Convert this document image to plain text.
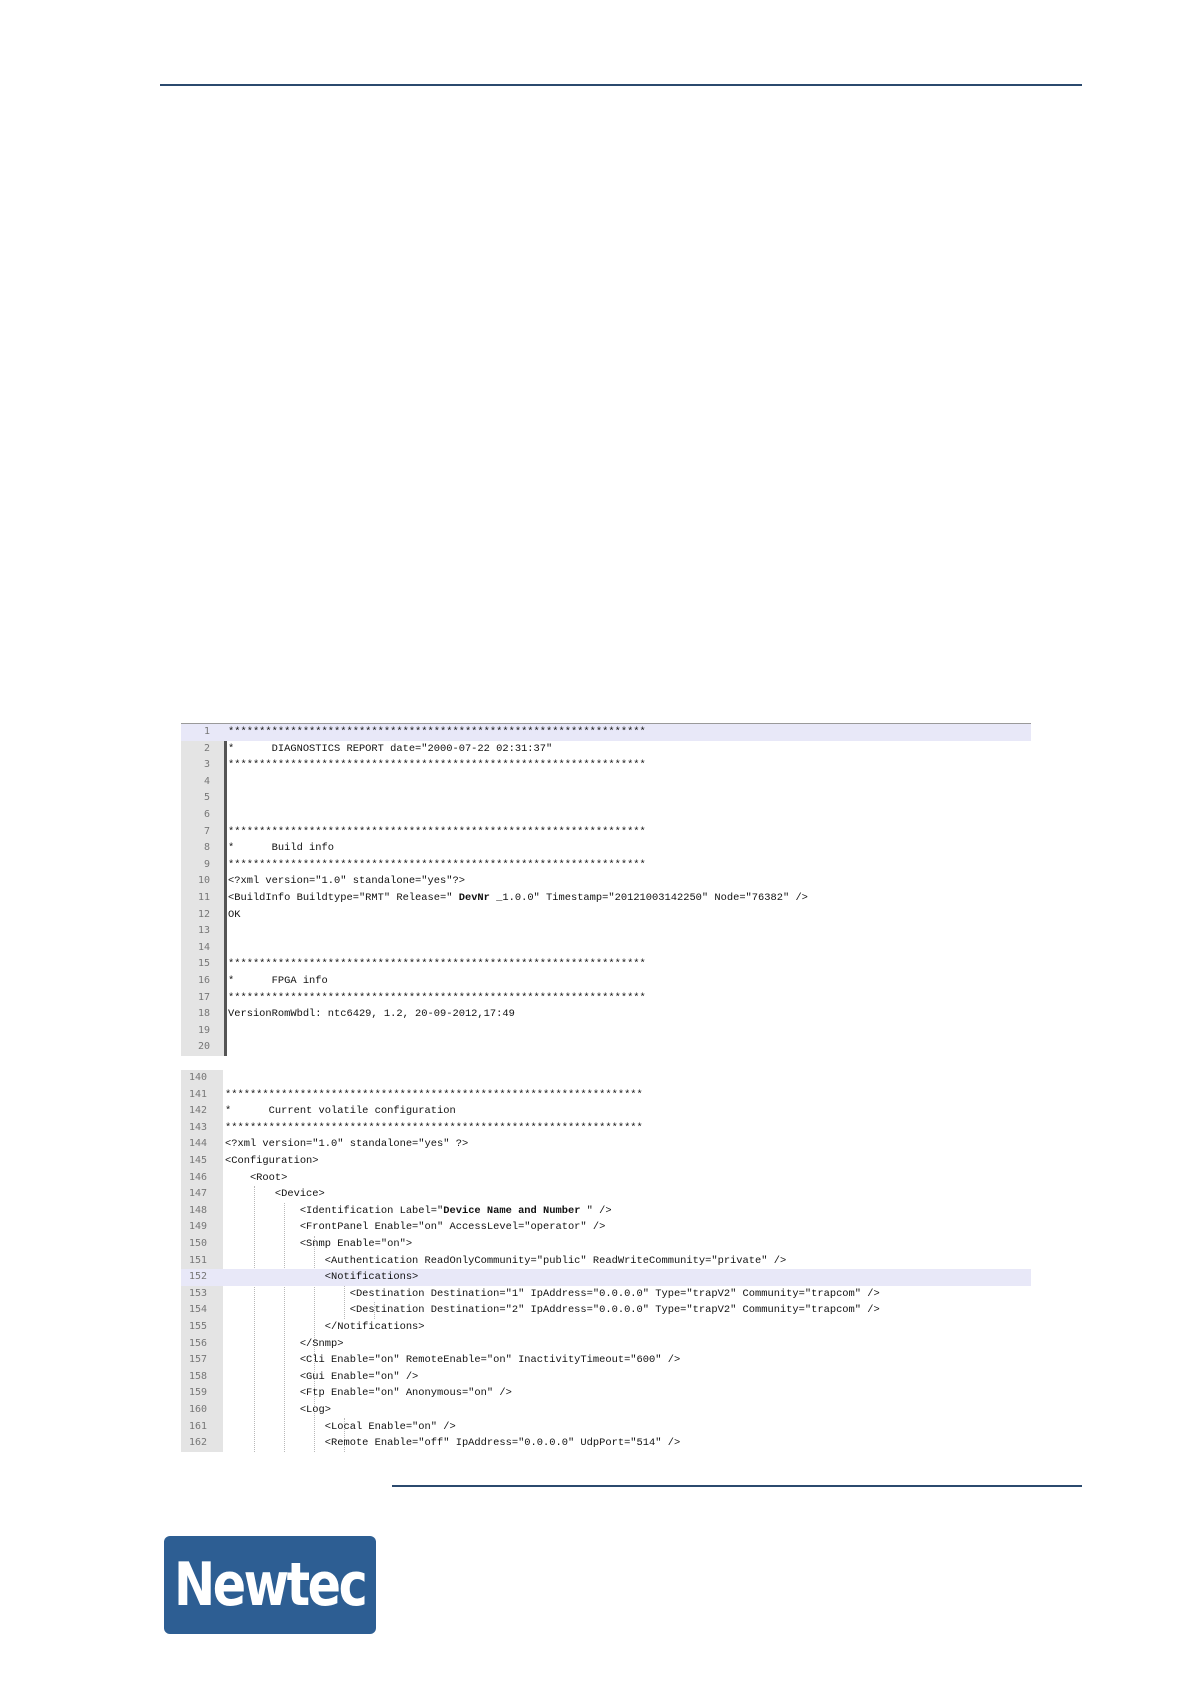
1 *******************************************************************
2 *      DIAGNOSTICS REPORT date="2000-07-22 02:31:37"
3 *******************************************************************
4
5
6
7 *******************************************************************
8 *      Build info
9 *******************************************************************
10 <?xml version="1.0" standalone="yes"?>
11 <BuildInfo Buildtype="RMT" Release=" DevNr _1.0.0" Timestamp="20121003142250" Node="76382" />
12 OK
13
14
15 *******************************************************************
16 *      FPGA info
17 *******************************************************************
18 VersionRomWbdl: ntc6429, 1.2, 20-09-2012,17:49
19
20
140
141 *******************************************************************
142 *      Current volatile configuration
143 *******************************************************************
144 <?xml version="1.0" standalone="yes" ?>
145 <Configuration>
146 <Root>
147 <Device>
148 <Identification Label="Device Name and Number " />
149 <FrontPanel Enable="on" AccessLevel="operator" />
150 <Snmp Enable="on">
151 <Authentication ReadOnlyCommunity="public" ReadWriteCommunity="private" />
152 <Notifications>
153 <Destination Destination="1" IpAddress="0.0.0.0" Type="trapV2" Community="trapcom" />
154 <Destination Destination="2" IpAddress="0.0.0.0" Type="trapV2" Community="trapcom" />
155 </Notifications>
156 </Snmp>
157 <Cli Enable="on" RemoteEnable="on" InactivityTimeout="600" />
158 <Gui Enable="on" />
159 <Ftp Enable="on" Anonymous="on" />
160 <Log>
161 <Local Enable="on" />
162 <Remote Enable="off" IpAddress="0.0.0.0" UdpPort="514" />
Newtec
